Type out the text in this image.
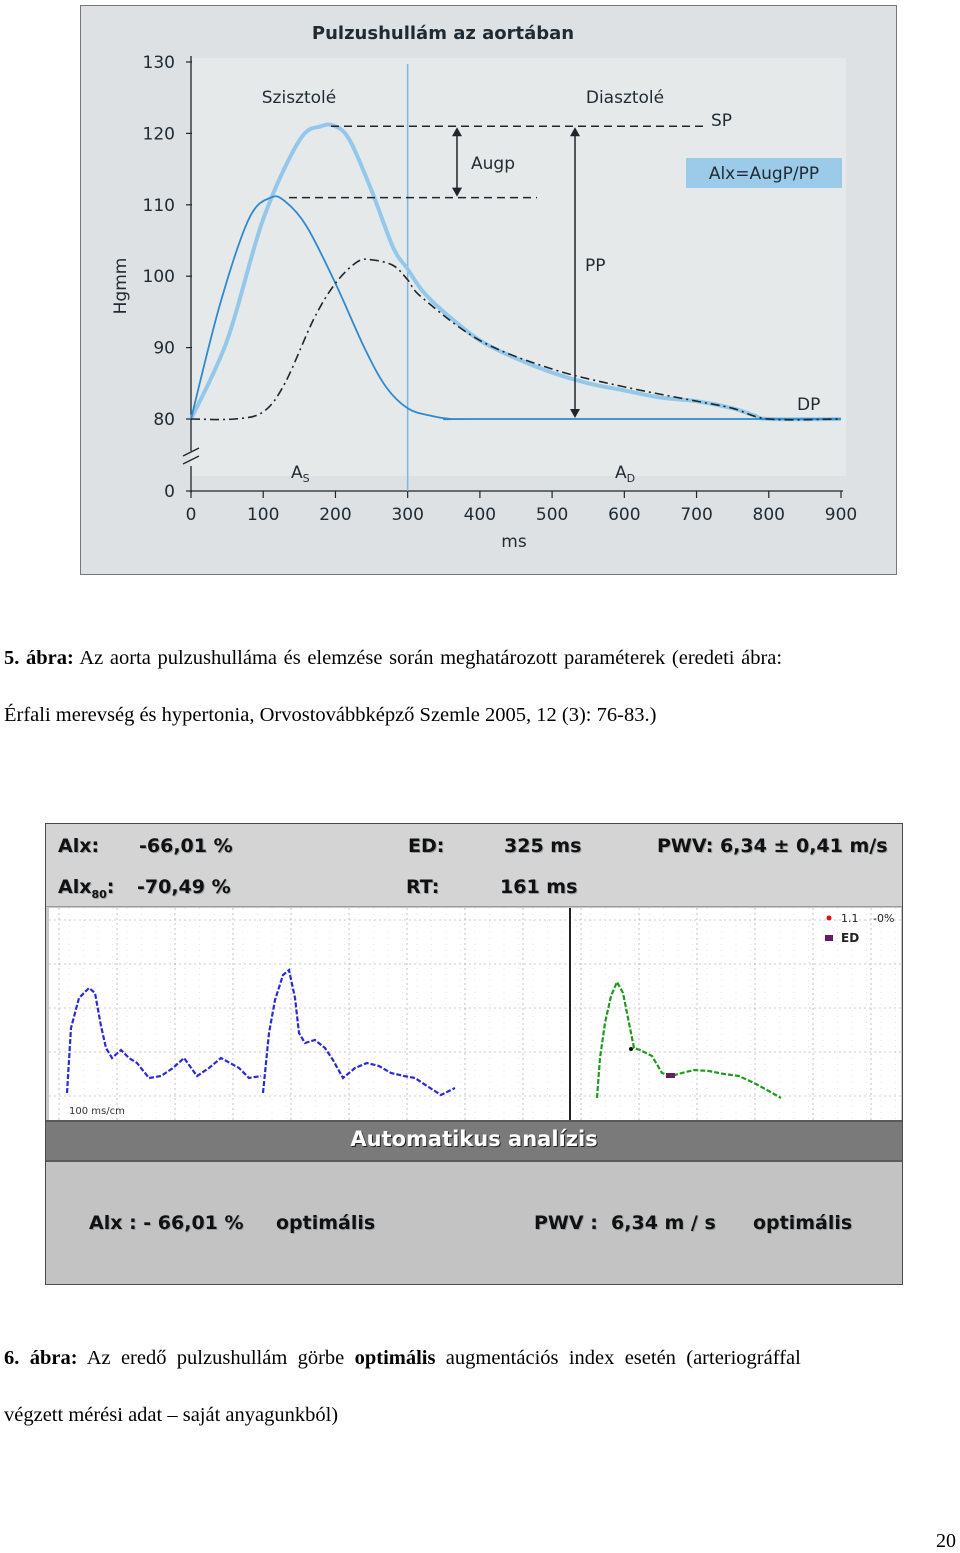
Pulzushullám az aortában
Hgmm
ms
0
80
90
100
110
120
130
0	100 200 300 400 500 600 700 800 900
Szisztolé	Diasztolé
SP
Augp	Alx=AugP/PP
PP
DP
$A_S$	$A_D$
5. ábra: Az aorta pulzushulláma és elemzése során meghatározott paraméterek (eredeti ábra:
Érfali merevség és hypertonia, Orvostovábbképző Szemle 2005, 12 (3): 76-83.)
Alx: -66,01 %
Alx$_{80}$: -70,49 %
ED:	325 ms
RT:	161 ms
PWV: 6,34 ± 0,41 m/s
1.1 -0%
ED
100 ms/cm
Automatikus analízis
Alx : - 66,01 % optimális	PWV :  6,34 m / s optimális
6. ábra: Az eredő pulzushullám görbe optimális augmentációs index esetén (arteriográffal
végzett mérési adat – saját anyagunkból)
20
